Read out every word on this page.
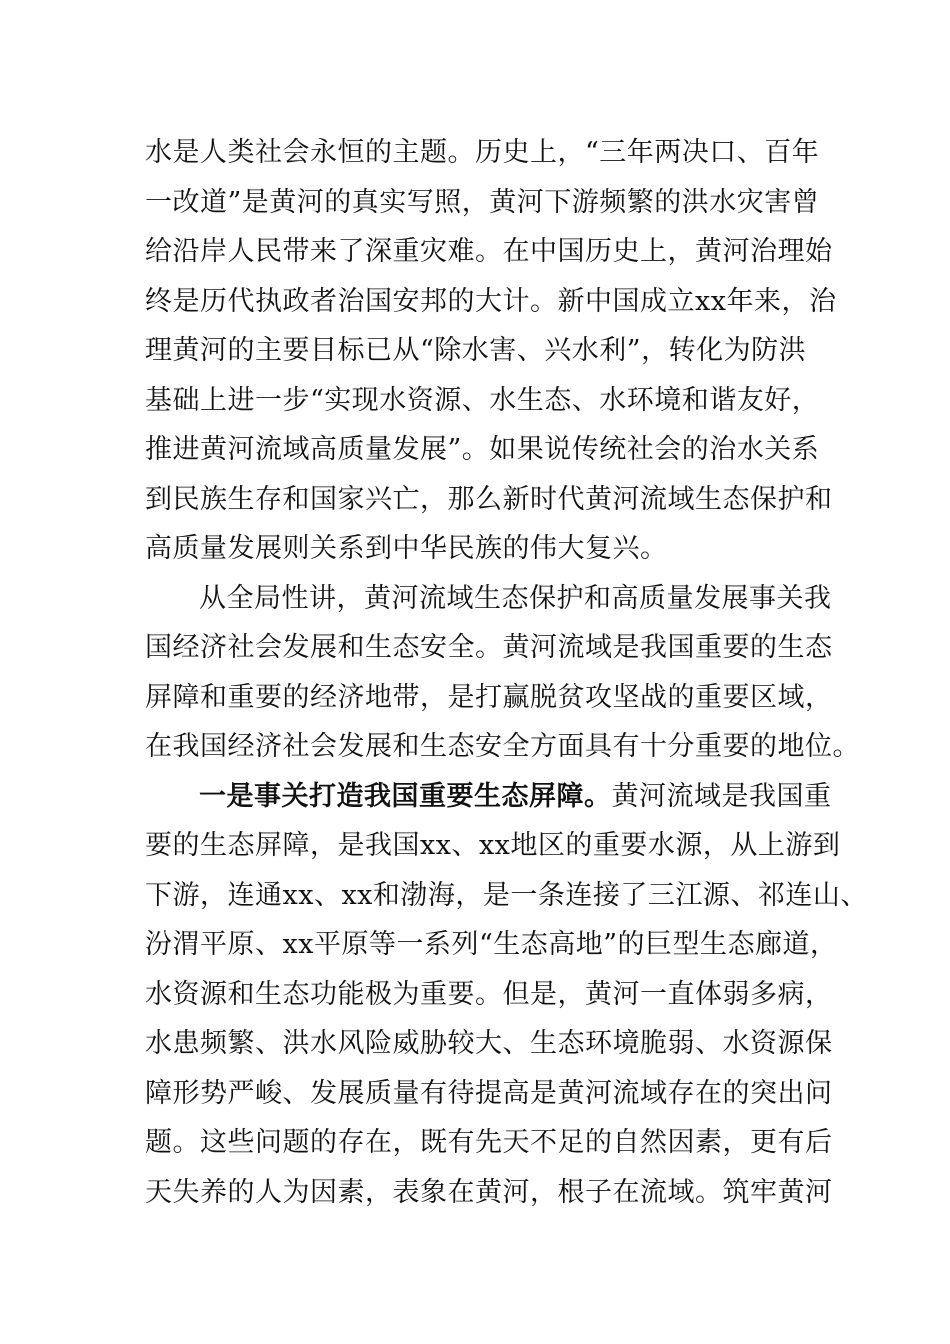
水是人类社会永恒的主题。历史上，“三年两决口、百年
一改道”是黄河的真实写照，黄河下游频繁的洪水灾害曾
给沿岸人民带来了深重灾难。在中国历史上，黄河治理始
终是历代执政者治国安邦的大计。新中国成立xx年来，治
理黄河的主要目标已从“除水害、兴水利”，转化为防洪
基础上进一步“实现水资源、水生态、水环境和谐友好，
推进黄河流域高质量发展”。如果说传统社会的治水关系
到民族生存和国家兴亡，那么新时代黄河流域生态保护和
高质量发展则关系到中华民族的伟大复兴。

从全局性讲，黄河流域生态保护和高质量发展事关我
国经济社会发展和生态安全。黄河流域是我国重要的生态
屏障和重要的经济地带，是打赢脱贫攻坚战的重要区域，
在我国经济社会发展和生态安全方面具有十分重要的地位。

一是事关打造我国重要生态屏障。黄河流域是我国重
要的生态屏障，是我国xx、xx地区的重要水源，从上游到
下游，连通xx、xx和渤海，是一条连接了三江源、祁连山、
汾渭平原、xx平原等一系列“生态高地”的巨型生态廊道，
水资源和生态功能极为重要。但是，黄河一直体弱多病，
水患频繁、洪水风险威胁较大、生态环境脆弱、水资源保
障形势严峻、发展质量有待提高是黄河流域存在的突出问
题。这些问题的存在，既有先天不足的自然因素，更有后
天失养的人为因素，表象在黄河，根子在流域。筑牢黄河
